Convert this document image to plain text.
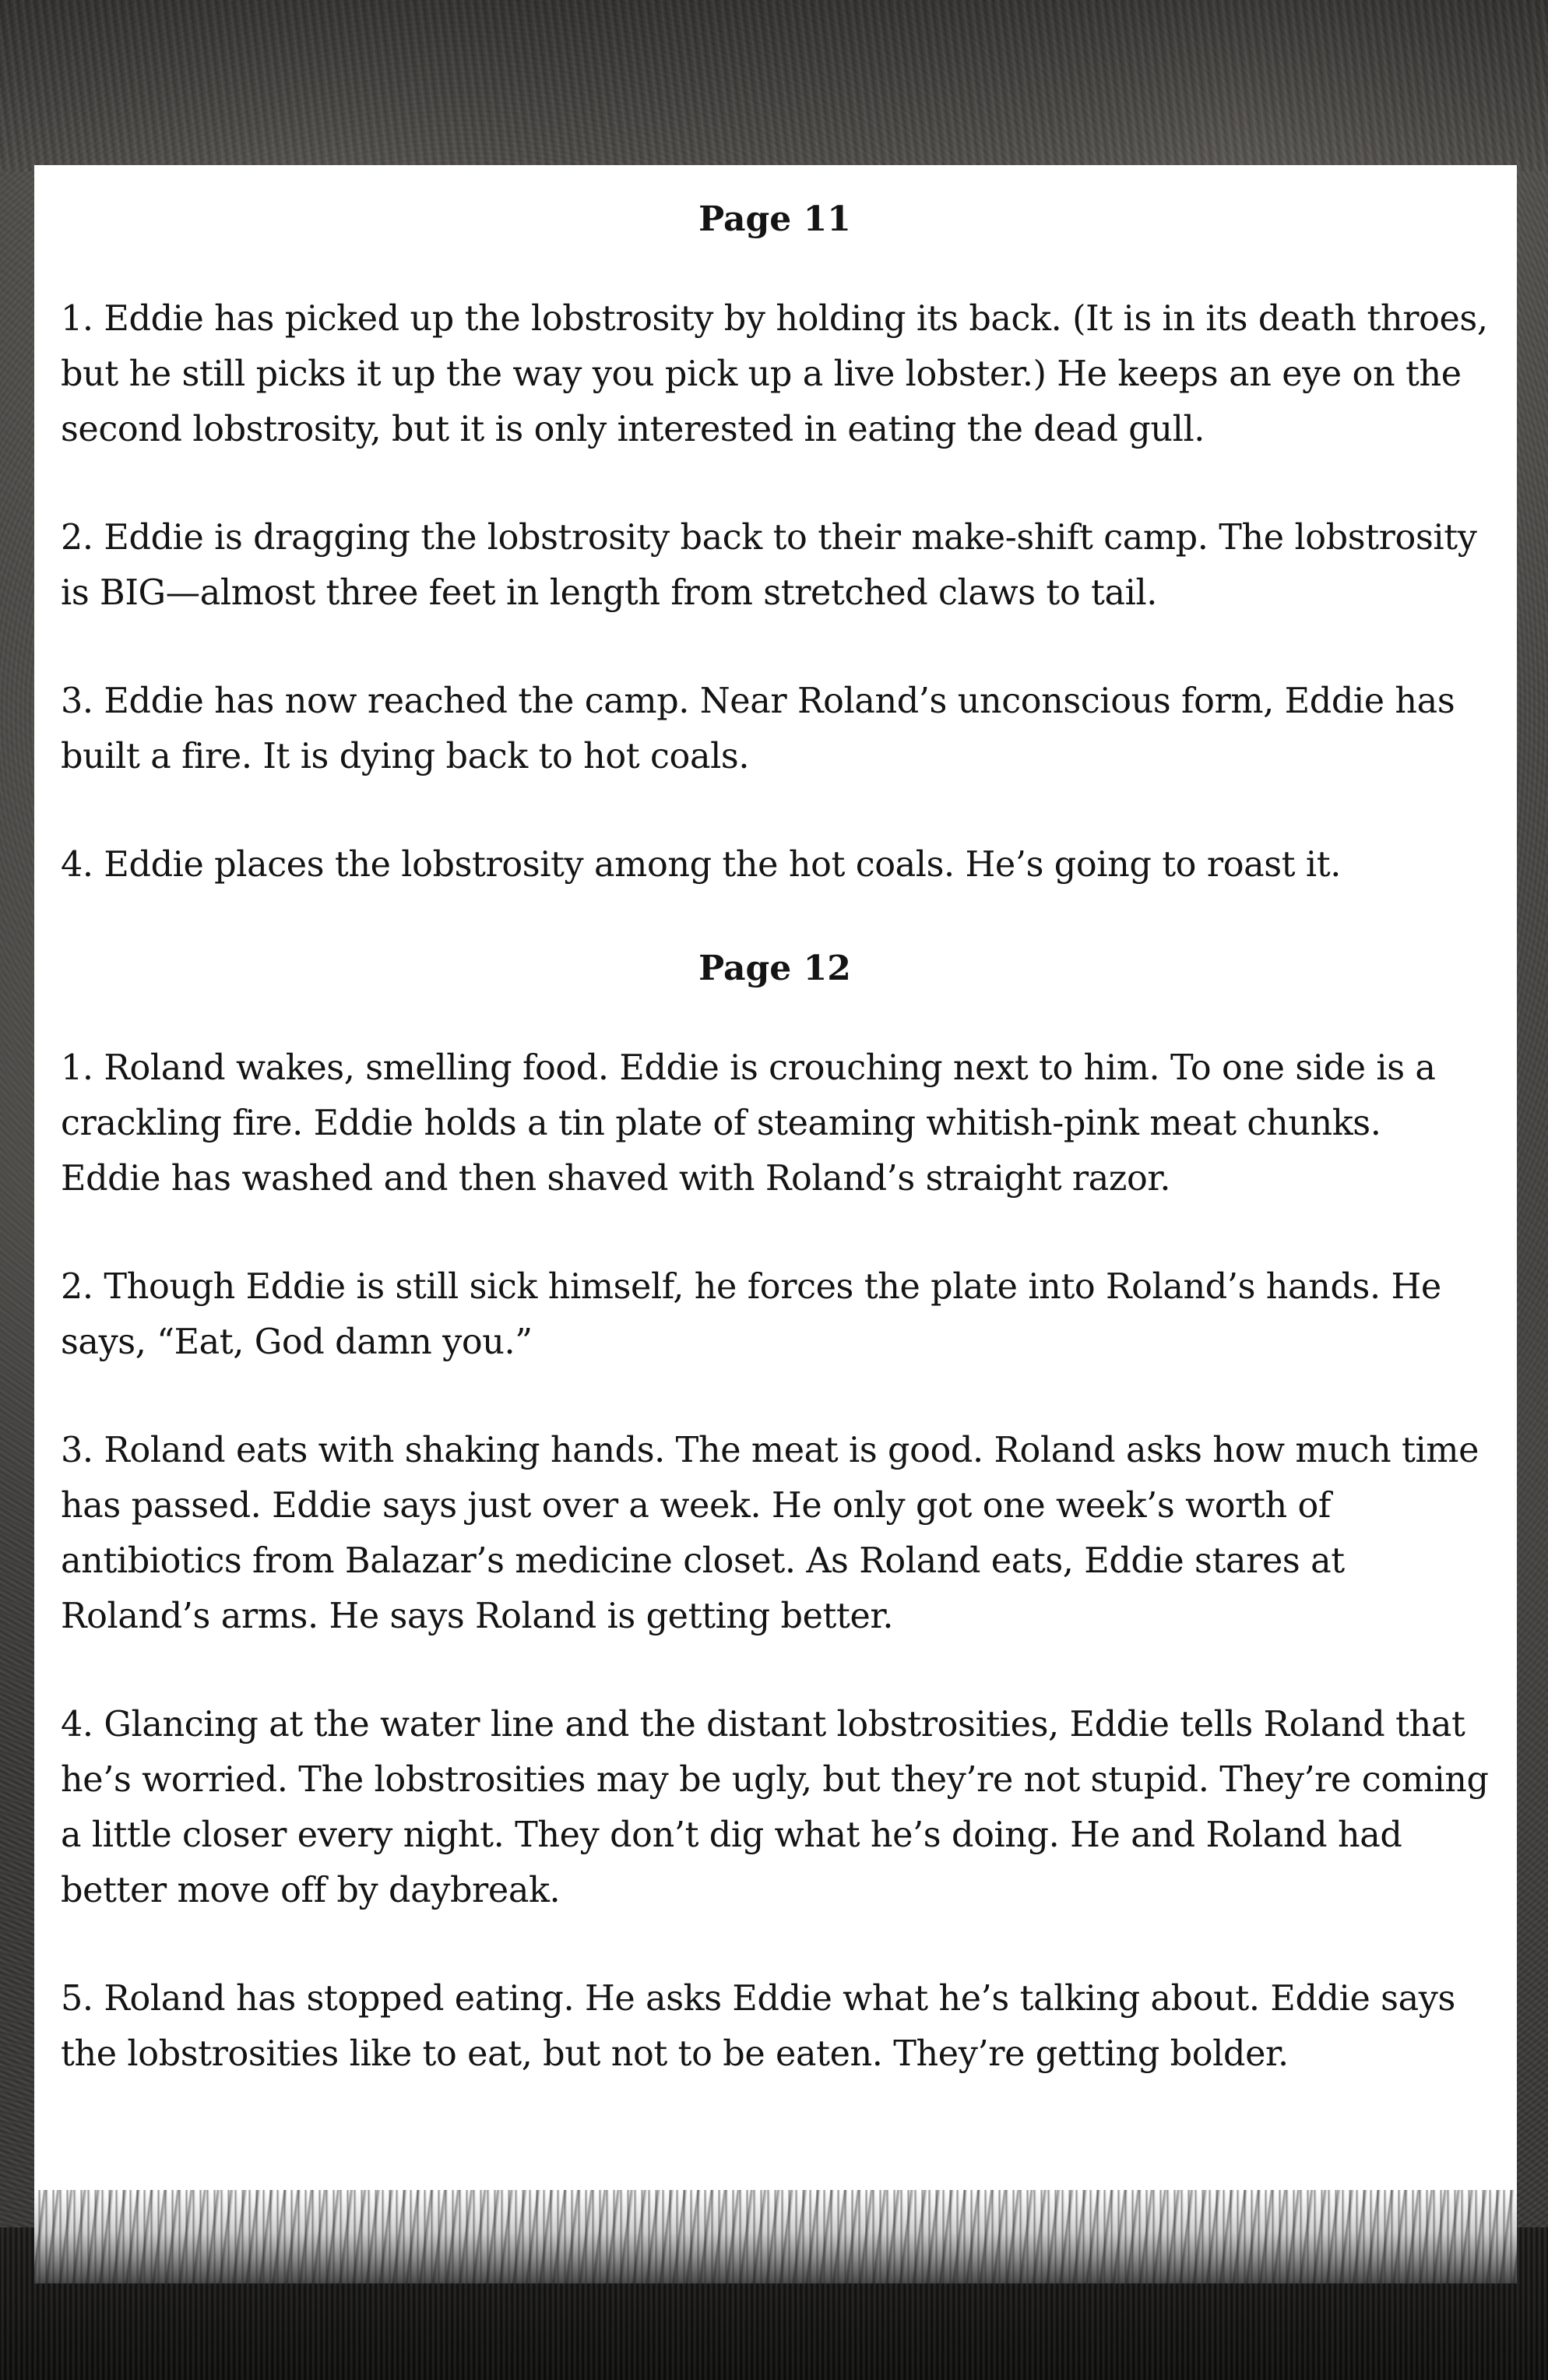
Page 11

1. Eddie has picked up the lobstrosity by holding its back. (It is in its death throes, but he still picks it up the way you pick up a live lobster.) He keeps an eye on the second lobstrosity, but it is only interested in eating the dead gull.

2. Eddie is dragging the lobstrosity back to their make-shift camp. The lobstrosity is BIG—almost three feet in length from stretched claws to tail.

3. Eddie has now reached the camp. Near Roland’s unconscious form, Eddie has built a fire. It is dying back to hot coals.

4. Eddie places the lobstrosity among the hot coals. He’s going to roast it.

Page 12

1. Roland wakes, smelling food. Eddie is crouching next to him. To one side is a crackling fire. Eddie holds a tin plate of steaming whitish-pink meat chunks. Eddie has washed and then shaved with Roland’s straight razor.

2. Though Eddie is still sick himself, he forces the plate into Roland’s hands. He says, “Eat, God damn you.”

3. Roland eats with shaking hands. The meat is good. Roland asks how much time has passed. Eddie says just over a week. He only got one week’s worth of antibiotics from Balazar’s medicine closet. As Roland eats, Eddie stares at Roland’s arms. He says Roland is getting better.

4. Glancing at the water line and the distant lobstrosities, Eddie tells Roland that he’s worried. The lobstrosities may be ugly, but they’re not stupid. They’re coming a little closer every night. They don’t dig what he’s doing. He and Roland had better move off by daybreak.

5. Roland has stopped eating. He asks Eddie what he’s talking about. Eddie says the lobstrosities like to eat, but not to be eaten. They’re getting bolder.
